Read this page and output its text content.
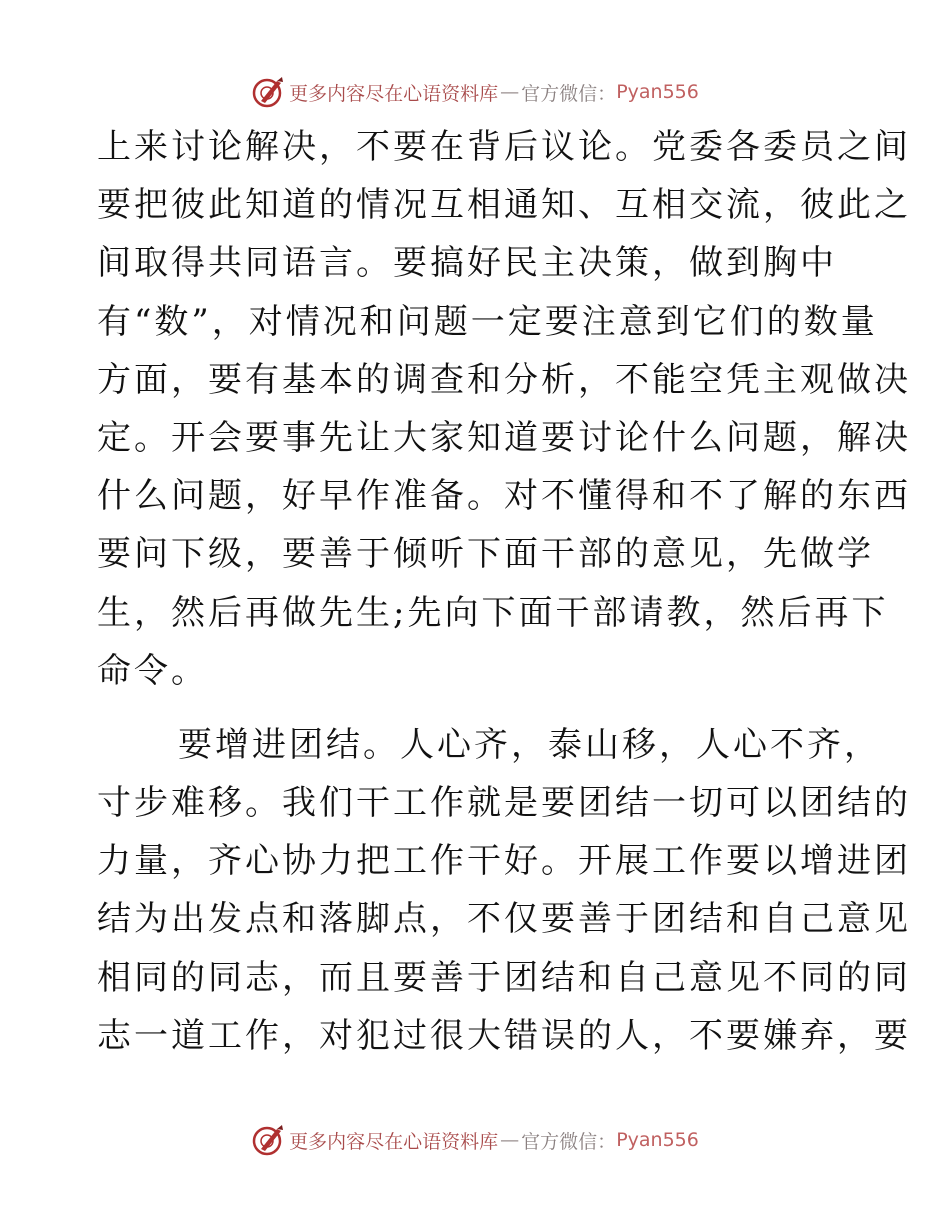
更多内容尽在心语资料库 — 官方微信： Pyan556
上来讨论解决，不要在背后议论。党委各委员之间
要把彼此知道的情况互相通知、互相交流，彼此之
间取得共同语言。要搞好民主决策，做到胸中
有“数”，对情况和问题一定要注意到它们的数量
方面，要有基本的调查和分析，不能空凭主观做决
定。开会要事先让大家知道要讨论什么问题，解决
什么问题，好早作准备。对不懂得和不了解的东西
要问下级，要善于倾听下面干部的意见，先做学
生，然后再做先生;先向下面干部请教，然后再下
命令。
要增进团结。人心齐，泰山移，人心不齐，
寸步难移。我们干工作就是要团结一切可以团结的
力量，齐心协力把工作干好。开展工作要以增进团
结为出发点和落脚点，不仅要善于团结和自己意见
相同的同志，而且要善于团结和自己意见不同的同
志一道工作，对犯过很大错误的人，不要嫌弃，要
更多内容尽在心语资料库 — 官方微信： Pyan556
